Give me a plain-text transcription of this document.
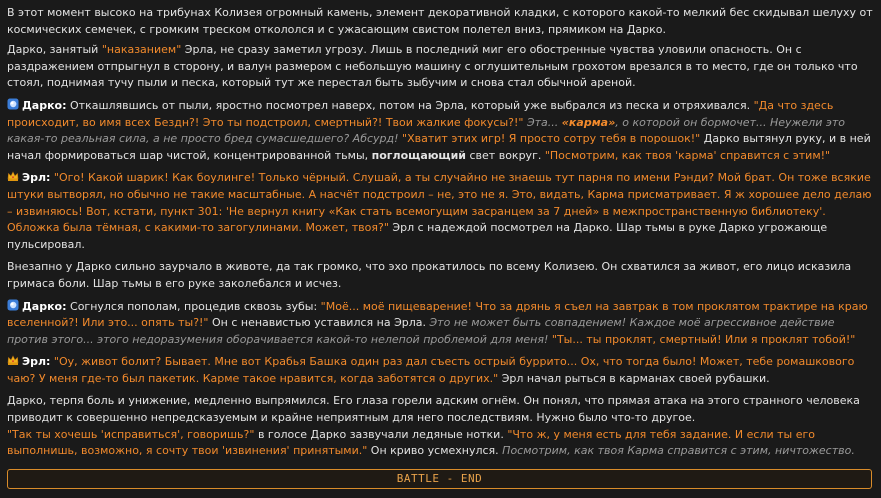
В этот момент высоко на трибунах Колизея огромный камень, элемент декоративной кладки, с которого какой-то мелкий бес скидывал шелуху от космических семечек, с громким треском откололся и с ужасающим свистом полетел вниз, прямиком на Дарко.
Дарко, занятый "наказанием" Эрла, не сразу заметил угрозу. Лишь в последний миг его обостренные чувства уловили опасность. Он с раздражением отпрыгнул в сторону, и валун размером с небольшую машину с оглушительным грохотом врезался в то место, где он только что стоял, поднимая тучу пыли и песка, который тут же перестал быть зыбучим и снова стал обычной ареной.
Дарко: Откашлявшись от пыли, яростно посмотрел наверх, потом на Эрла, который уже выбрался из песка и отряхивался. "Да что здесь происходит, во имя всех Бездн?! Это ты подстроил, смертный?! Твои жалкие фокусы?!" Эта... «карма», о которой он бормочет... Неужели это какая-то реальная сила, а не просто бред сумасшедшего? Абсурд! "Хватит этих игр! Я просто сотру тебя в порошок!" Дарко вытянул руку, и в ней начал формироваться шар чистой, концентрированной тьмы, поглощающий свет вокруг. "Посмотрим, как твоя 'карма' справится с этим!"
Эрл: "Ого! Какой шарик! Как боулинге! Только чёрный. Слушай, а ты случайно не знаешь тут парня по имени Рэнди? Мой брат. Он тоже всякие штуки вытворял, но обычно не такие масштабные. А насчёт подстроил – не, это не я. Это, видать, Карма присматривает. Я ж хорошее дело делаю – извиняюсь! Вот, кстати, пункт 301: 'Не вернул книгу «Как стать всемогущим засранцем за 7 дней» в межпространственную библиотеку'. Обложка была тёмная, с какими-то загогулинами. Может, твоя?" Эрл с надеждой посмотрел на Дарко. Шар тьмы в руке Дарко угрожающе пульсировал.
Внезапно у Дарко сильно заурчало в животе, да так громко, что эхо прокатилось по всему Колизею. Он схватился за живот, его лицо исказила гримаса боли. Шар тьмы в его руке заколебался и исчез.
Дарко: Согнулся пополам, процедив сквозь зубы: "Моё... моё пищеварение! Что за дрянь я съел на завтрак в том проклятом трактире на краю вселенной?! Или это... опять ты?!" Он с ненавистью уставился на Эрла. Это не может быть совпадением! Каждое моё агрессивное действие против этого... этого недоразумения оборачивается какой-то нелепой проблемой для меня! "Ты... ты проклят, смертный! Или я проклят тобой!"
Эрл: "Оу, живот болит? Бывает. Мне вот Крабья Башка один раз дал съесть острый буррито... Ох, что тогда было! Может, тебе ромашкового чаю? У меня где-то был пакетик. Карме такое нравится, когда заботятся о других." Эрл начал рыться в карманах своей рубашки.
Дарко, терпя боль и унижение, медленно выпрямился. Его глаза горели адским огнём. Он понял, что прямая атака на этого странного человека приводит к совершенно непредсказуемым и крайне неприятным для него последствиям. Нужно было что-то другое.
"Так ты хочешь 'исправиться', говоришь?" в голосе Дарко зазвучали ледяные нотки. "Что ж, у меня есть для тебя задание. И если ты его выполнишь, возможно, я сочту твои 'извинения' принятыми." Он криво усмехнулся. Посмотрим, как твоя Карма справится с этим, ничтожество.
BATTLE - END
